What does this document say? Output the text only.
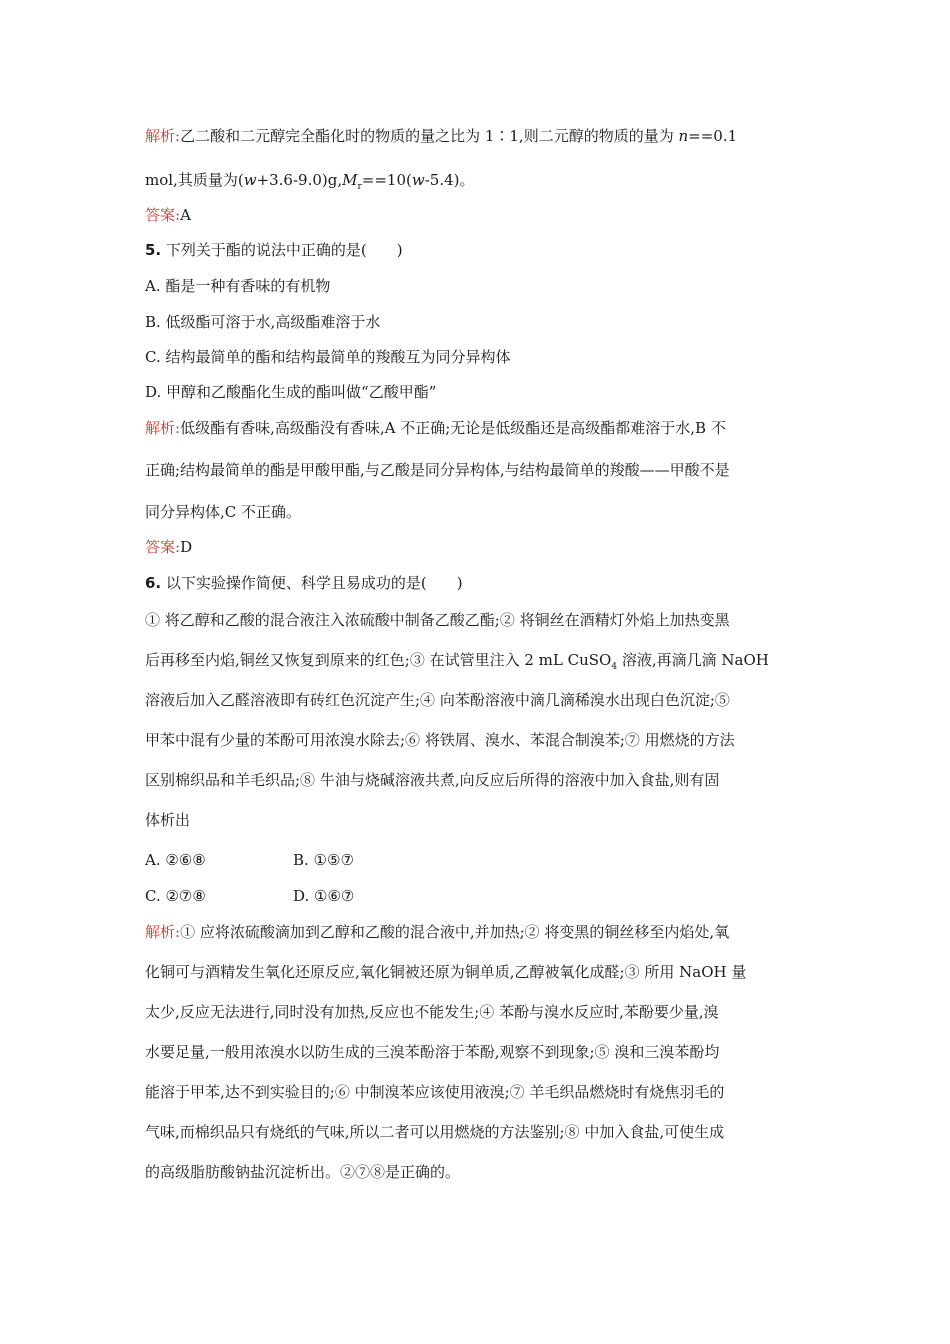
解析:乙二酸和二元醇完全酯化时的物质的量之比为 1∶1,则二元醇的物质的量为 n==0.1
mol,其质量为$(w+3.6-9.0)g,M_r==10(w-5.4)$。
答案:A
5. 下列关于酯的说法中正确的是(　　)
A. 酯是一种有香味的有机物
B. 低级酯可溶于水,高级酯难溶于水
C. 结构最简单的酯和结构最简单的羧酸互为同分异构体
D. 甲醇和乙酸酯化生成的酯叫做“乙酸甲酯”
解析:低级酯有香味,高级酯没有香味,A 不正确;无论是低级酯还是高级酯都难溶于水,B 不
正确;结构最简单的酯是甲酸甲酯,与乙酸是同分异构体,与结构最简单的羧酸——甲酸不是
同分异构体,C 不正确。
答案:D
6. 以下实验操作简便、科学且易成功的是(　　)
① 将乙醇和乙酸的混合液注入浓硫酸中制备乙酸乙酯;② 将铜丝在酒精灯外焰上加热变黑
后再移至内焰,铜丝又恢复到原来的红色;③ 在试管里注入 2 mL CuSO$_4$ 溶液,再滴几滴 NaOH
溶液后加入乙醛溶液即有砖红色沉淀产生;④ 向苯酚溶液中滴几滴稀溴水出现白色沉淀;⑤
甲苯中混有少量的苯酚可用浓溴水除去;⑥ 将铁屑、溴水、苯混合制溴苯;⑦ 用燃烧的方法
区别棉织品和羊毛织品;⑧ 牛油与烧碱溶液共煮,向反应后所得的溶液中加入食盐,则有固
体析出
A. ②⑥⑧	B. ①⑤⑦
C. ②⑦⑧	D. ①⑥⑦
解析:① 应将浓硫酸滴加到乙醇和乙酸的混合液中,并加热;② 将变黑的铜丝移至内焰处,氧
化铜可与酒精发生氧化还原反应,氧化铜被还原为铜单质,乙醇被氧化成醛;③ 所用 NaOH 量
太少,反应无法进行,同时没有加热,反应也不能发生;④ 苯酚与溴水反应时,苯酚要少量,溴
水要足量,一般用浓溴水以防生成的三溴苯酚溶于苯酚,观察不到现象;⑤ 溴和三溴苯酚均
能溶于甲苯,达不到实验目的;⑥ 中制溴苯应该使用液溴;⑦ 羊毛织品燃烧时有烧焦羽毛的
气味,而棉织品只有烧纸的气味,所以二者可以用燃烧的方法鉴别;⑧ 中加入食盐,可使生成
的高级脂肪酸钠盐沉淀析出。②⑦⑧是正确的。
